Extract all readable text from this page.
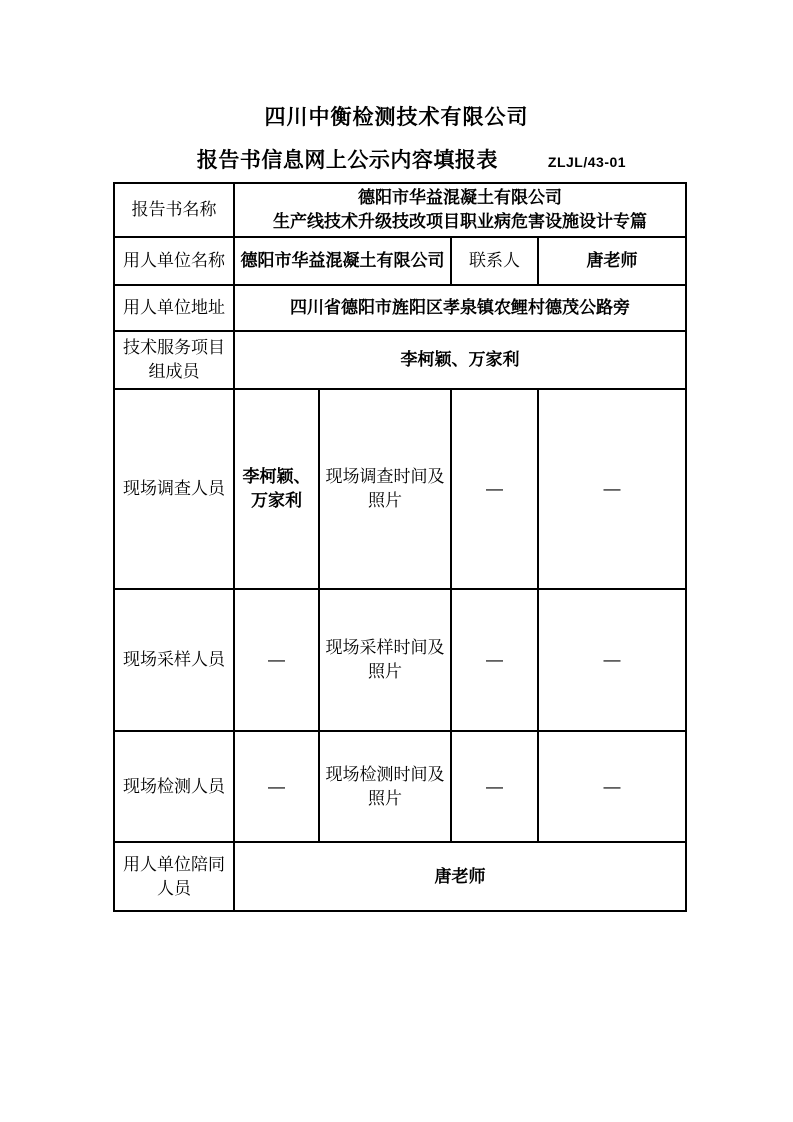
四川中衡检测技术有限公司
报告书信息网上公示内容填报表	ZLJL/43-01
报告书名称	德阳市华益混凝土有限公司
生产线技术升级技改项目职业病危害设施设计专篇			

用人单位名称	德阳市华益混凝土有限公司		联系人	唐老师
用人单位地址	四川省德阳市旌阳区孝泉镇农鲤村德茂公路旁			
技术服务项目组成员	李柯颖、万家利			
现场调查人员	李柯颖、万家利	现场调查时间及照片	—	—
现场采样人员	—	现场采样时间及照片	—	—
现场检测人员	—	现场检测时间及照片	—	—
用人单位陪同人员	唐老师			
